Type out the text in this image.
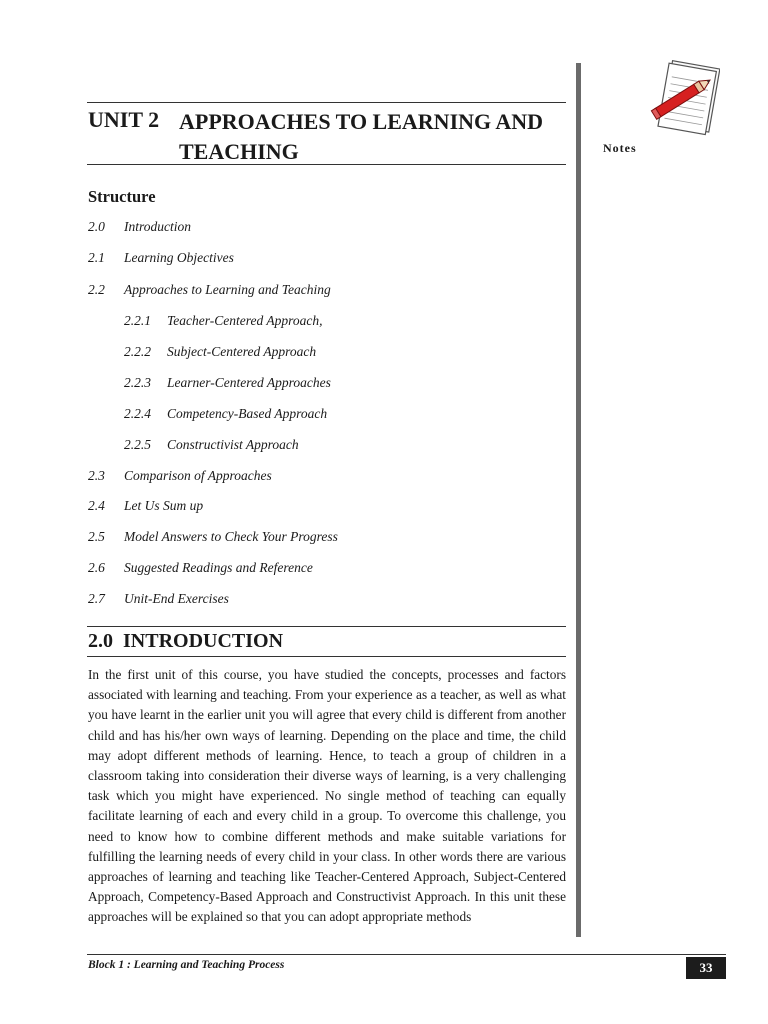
Notes
UNIT 2 APPROACHES TO LEARNING AND TEACHING
Structure
2.0 Introduction
2.1 Learning Objectives
2.2 Approaches to Learning and Teaching
2.2.1 Teacher-Centered Approach,
2.2.2 Subject-Centered Approach
2.2.3 Learner-Centered Approaches
2.2.4 Competency-Based Approach
2.2.5 Constructivist Approach
2.3 Comparison of Approaches
2.4 Let Us Sum up
2.5 Model Answers to Check Your Progress
2.6 Suggested Readings and Reference
2.7 Unit-End Exercises
2.0  INTRODUCTION

In the first unit of this course, you have studied the concepts, processes and factors associated with learning and teaching. From your experience as a teacher, as well as what you have learnt in the earlier unit you will agree that every child is different from another child and has his/her own ways of learning. Depending on the place and time, the child may adopt different methods of learning. Hence, to teach a group of children in a classroom taking into consideration their diverse ways of learning, is a very challenging task which you might have experienced. No single method of teaching can equally facilitate learning of each and every child in a group. To overcome this challenge, you need to know how to combine different methods and make suitable variations for fulfilling the learning needs of every child in your class. In other words there are various approaches of learning and teaching like Teacher-Centered Approach, Subject-Centered Approach, Competency-Based Approach and Constructivist Approach. In this unit these approaches will be explained so that you can adopt appropriate methods

Block 1 : Learning and Teaching Process	33
